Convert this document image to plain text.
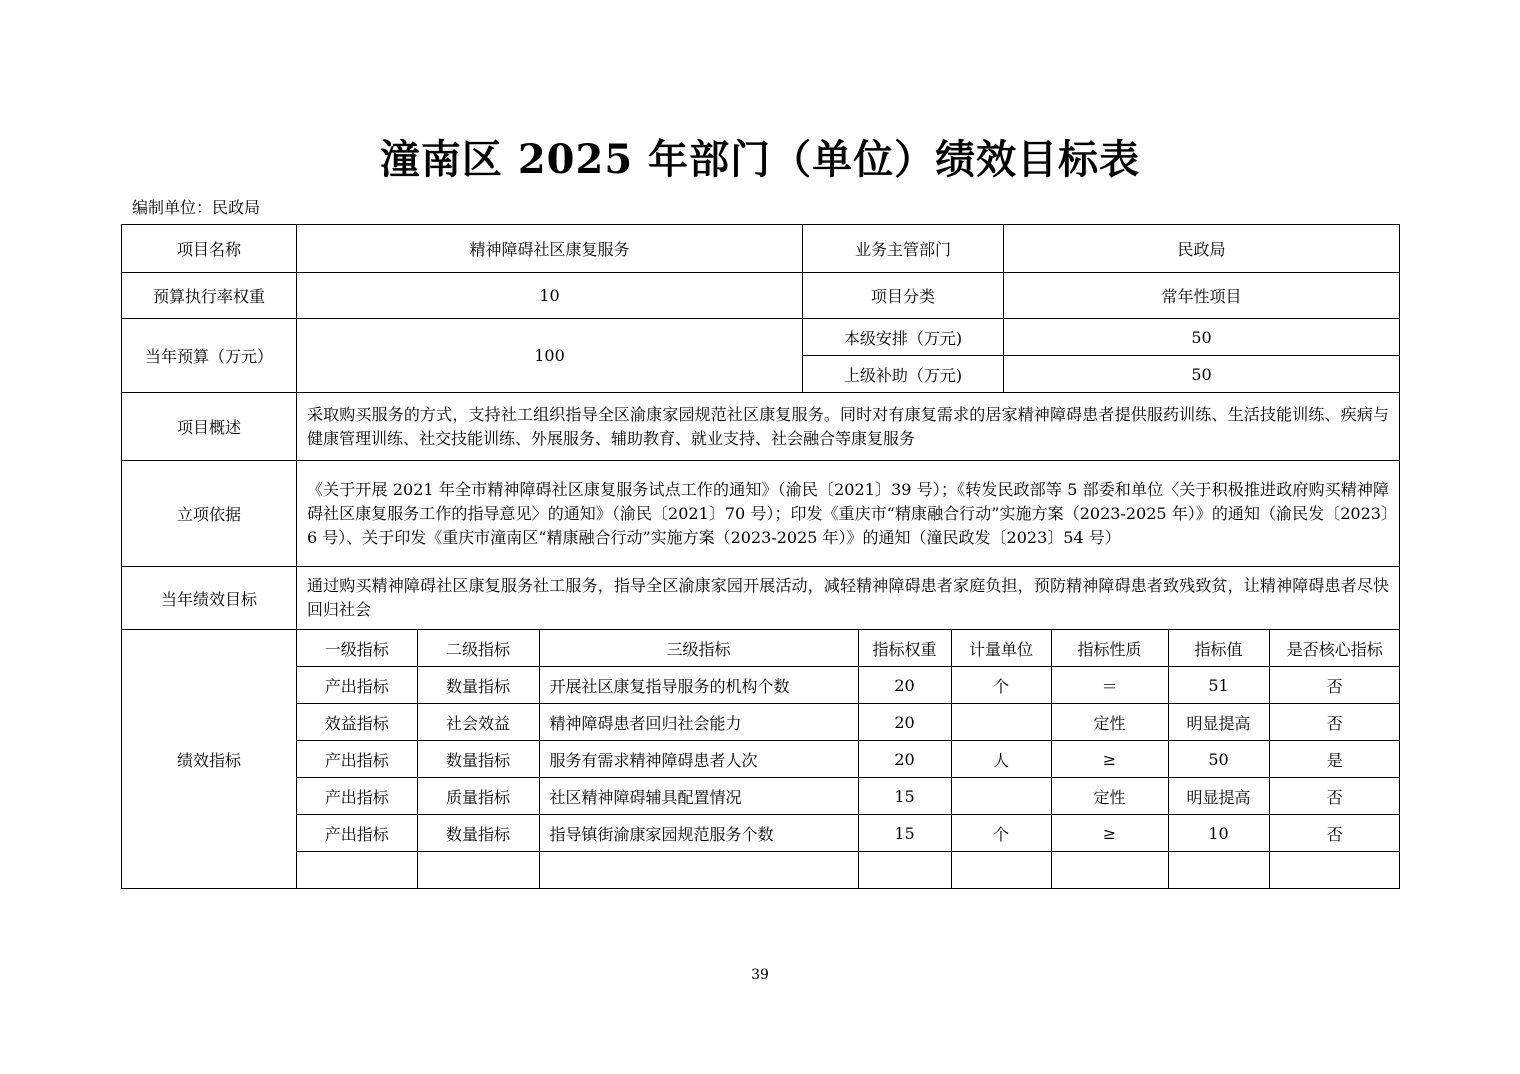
潼南区 2025 年部门（单位）绩效目标表
编制单位：民政局
项目名称	精神障碍社区康复服务	业务主管部门	民政局
预算执行率权重	10	项目分类	常年性项目
当年预算（万元）	100	本级安排（万元)	50
上级补助（万元)	50
项目概述	采取购买服务的方式，支持社工组织指导全区渝康家园规范社区康复服务。同时对有康复需求的居家精神障碍患者提供服药训练、生活技能训练、疾病与健康管理训练、社交技能训练、外展服务、辅助教育、就业支持、社会融合等康复服务
立项依据	《关于开展 2021 年全市精神障碍社区康复服务试点工作的通知》（渝民〔2021〕39 号）；《转发民政部等 5 部委和单位〈关于积极推进政府购买精神障碍社区康复服务工作的指导意见〉的通知》（渝民〔2021〕70 号）；印发《重庆市“精康融合行动”实施方案（2023-2025 年）》的通知（渝民发〔2023〕6 号）、关于印发《重庆市潼南区“精康融合行动”实施方案（2023-2025 年）》的通知（潼民政发〔2023〕54 号）
当年绩效目标	通过购买精神障碍社区康复服务社工服务，指导全区渝康家园开展活动，减轻精神障碍患者家庭负担，预防精神障碍患者致残致贫，让精神障碍患者尽快回归社会
绩效指标	
一级指标	二级指标	三级指标	指标权重	计量单位	指标性质	指标值	是否核心指标
产出指标	数量指标	开展社区康复指导服务的机构个数	20	个	＝	51	否
效益指标	社会效益	精神障碍患者回归社会能力	20		定性	明显提高	否
产出指标	数量指标	服务有需求精神障碍患者人次	20	人	≥	50	是
产出指标	质量指标	社区精神障碍辅具配置情况	15		定性	明显提高	否
产出指标	数量指标	指导镇街渝康家园规范服务个数	15	个	≥	10	否

39
